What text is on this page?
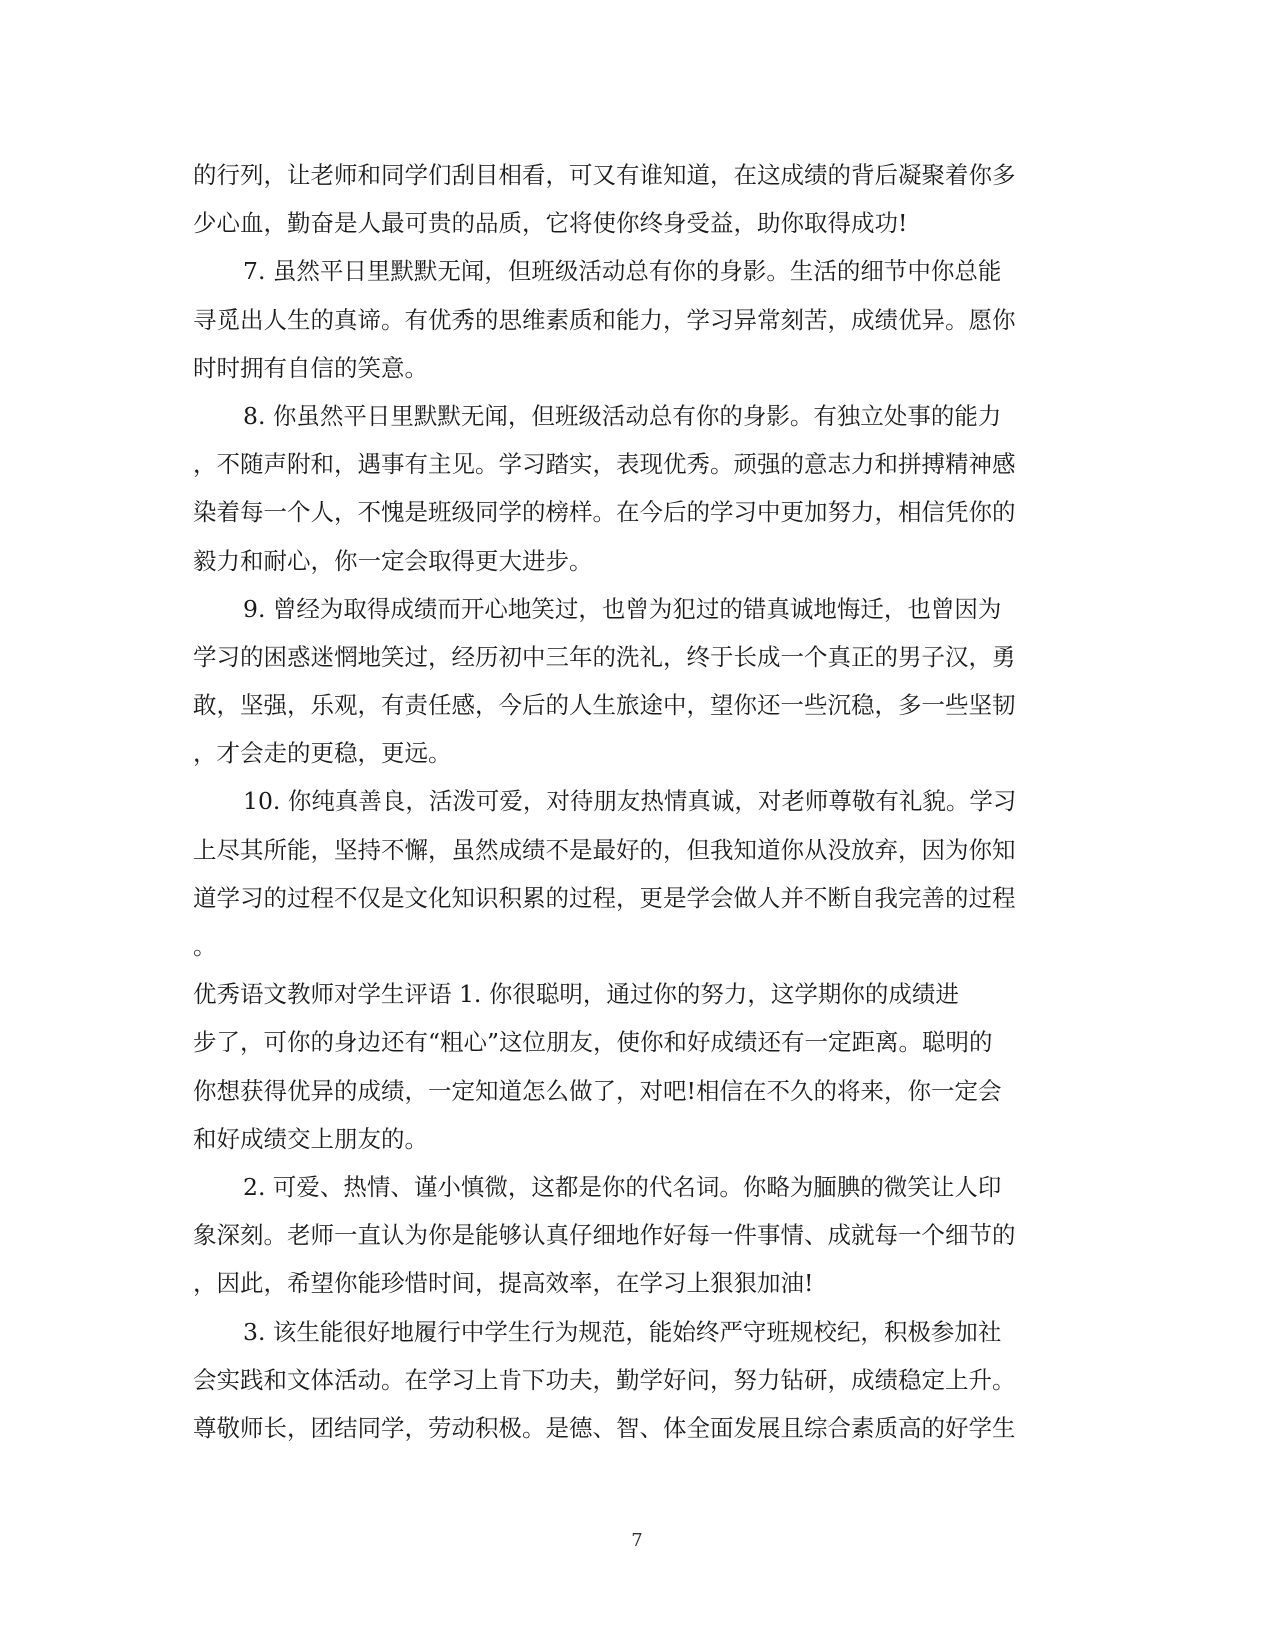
的行列，让老师和同学们刮目相看，可又有谁知道，在这成绩的背后凝聚着你多
少心血，勤奋是人最可贵的品质，它将使你终身受益，助你取得成功!
7. 虽然平日里默默无闻，但班级活动总有你的身影。生活的细节中你总能
寻觅出人生的真谛。有优秀的思维素质和能力，学习异常刻苦，成绩优异。愿你
时时拥有自信的笑意。
8. 你虽然平日里默默无闻，但班级活动总有你的身影。有独立处事的能力
，不随声附和，遇事有主见。学习踏实，表现优秀。顽强的意志力和拼搏精神感
染着每一个人，不愧是班级同学的榜样。在今后的学习中更加努力，相信凭你的
毅力和耐心，你一定会取得更大进步。
9. 曾经为取得成绩而开心地笑过，也曾为犯过的错真诚地悔迁，也曾因为
学习的困惑迷惘地笑过，经历初中三年的洗礼，终于长成一个真正的男子汉，勇
敢，坚强，乐观，有责任感，今后的人生旅途中，望你还一些沉稳，多一些坚韧
，才会走的更稳，更远。
10. 你纯真善良，活泼可爱，对待朋友热情真诚，对老师尊敬有礼貌。学习
上尽其所能，坚持不懈，虽然成绩不是最好的，但我知道你从没放弃，因为你知
道学习的过程不仅是文化知识积累的过程，更是学会做人并不断自我完善的过程
。
优秀语文教师对学生评语 1. 你很聪明，通过你的努力，这学期你的成绩进
步了，可你的身边还有“粗心”这位朋友，使你和好成绩还有一定距离。聪明的
你想获得优异的成绩，一定知道怎么做了，对吧!相信在不久的将来，你一定会
和好成绩交上朋友的。
2. 可爱、热情、谨小慎微，这都是你的代名词。你略为腼腆的微笑让人印
象深刻。老师一直认为你是能够认真仔细地作好每一件事情、成就每一个细节的
，因此，希望你能珍惜时间，提高效率，在学习上狠狠加油!
3. 该生能很好地履行中学生行为规范，能始终严守班规校纪，积极参加社
会实践和文体活动。在学习上肯下功夫，勤学好问，努力钻研，成绩稳定上升。
尊敬师长，团结同学，劳动积极。是德、智、体全面发展且综合素质高的好学生
7
